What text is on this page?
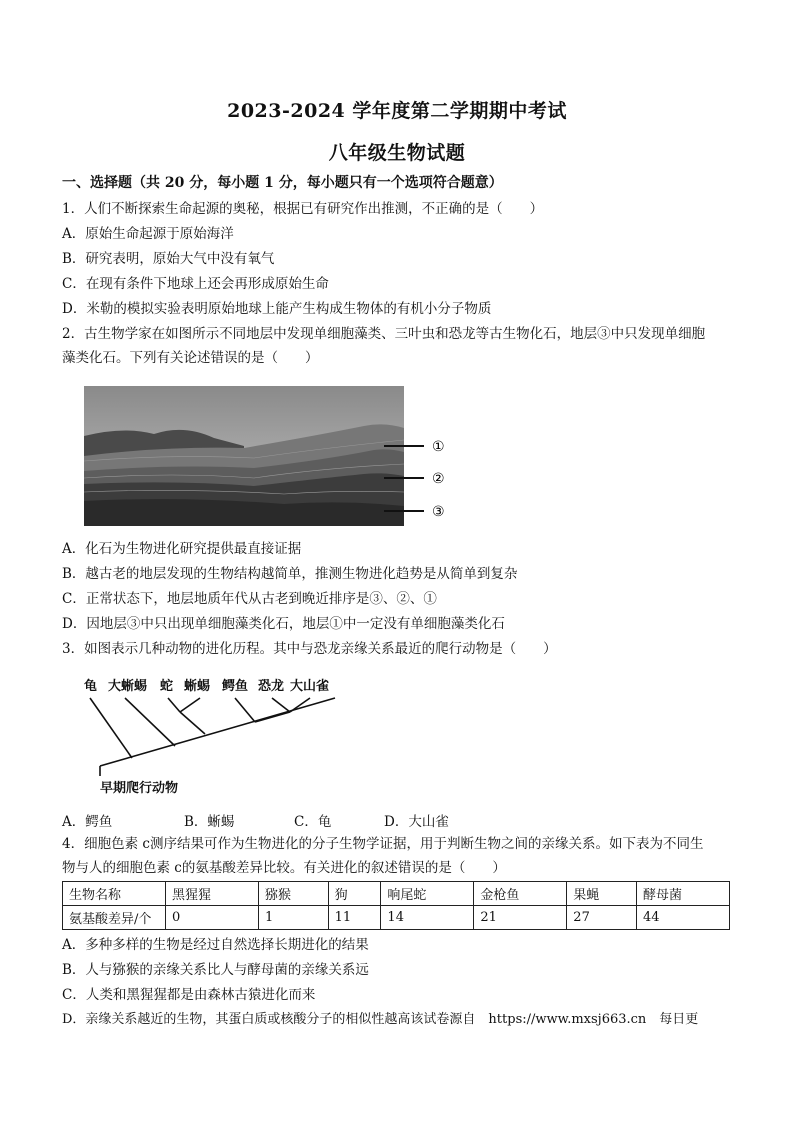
2023-2024 学年度第二学期期中考试
八年级生物试题
一、选择题（共 20 分，每小题 1 分，每小题只有一个选项符合题意）
1．人们不断探索生命起源的奥秘，根据已有研究作出推测，不正确的是（　　）
A．原始生命起源于原始海洋
B．研究表明，原始大气中没有氧气
C．在现有条件下地球上还会再形成原始生命
D．米勒的模拟实验表明原始地球上能产生构成生物体的有机小分子物质
2．古生物学家在如图所示不同地层中发现单细胞藻类、三叶虫和恐龙等古生物化石，地层③中只发现单细胞
藻类化石。下列有关论述错误的是（　　）
①
②
③
A．化石为生物进化研究提供最直接证据
B．越古老的地层发现的生物结构越简单，推测生物进化趋势是从简单到复杂
C．正常状态下，地层地质年代从古老到晚近排序是③、②、①
D．因地层③中只出现单细胞藻类化石，地层①中一定没有单细胞藻类化石
3．如图表示几种动物的进化历程。其中与恐龙亲缘关系最近的爬行动物是（　　）
龟 大蜥蜴 蛇 蜥蜴 鳄鱼 恐龙 大山雀
早期爬行动物
A．鳄鱼	B．蜥蜴	C．龟	D．大山雀
4．细胞色素 c测序结果可作为生物进化的分子生物学证据，用于判断生物之间的亲缘关系。如下表为不同生
物与人的细胞色素 c的氨基酸差异比较。有关进化的叙述错误的是（　　）
生物名称	黑猩猩	猕猴	狗	响尾蛇	金枪鱼	果蝇	酵母菌
氨基酸差异/个	0	1	11	14	21	27	44
A．多种多样的生物是经过自然选择长期进化的结果
B．人与猕猴的亲缘关系比人与酵母菌的亲缘关系远
C．人类和黑猩猩都是由森林古猿进化而来
D．亲缘关系越近的生物，其蛋白质或核酸分子的相似性越高该试卷源自　https://www.mxsj663.cn　每日更
